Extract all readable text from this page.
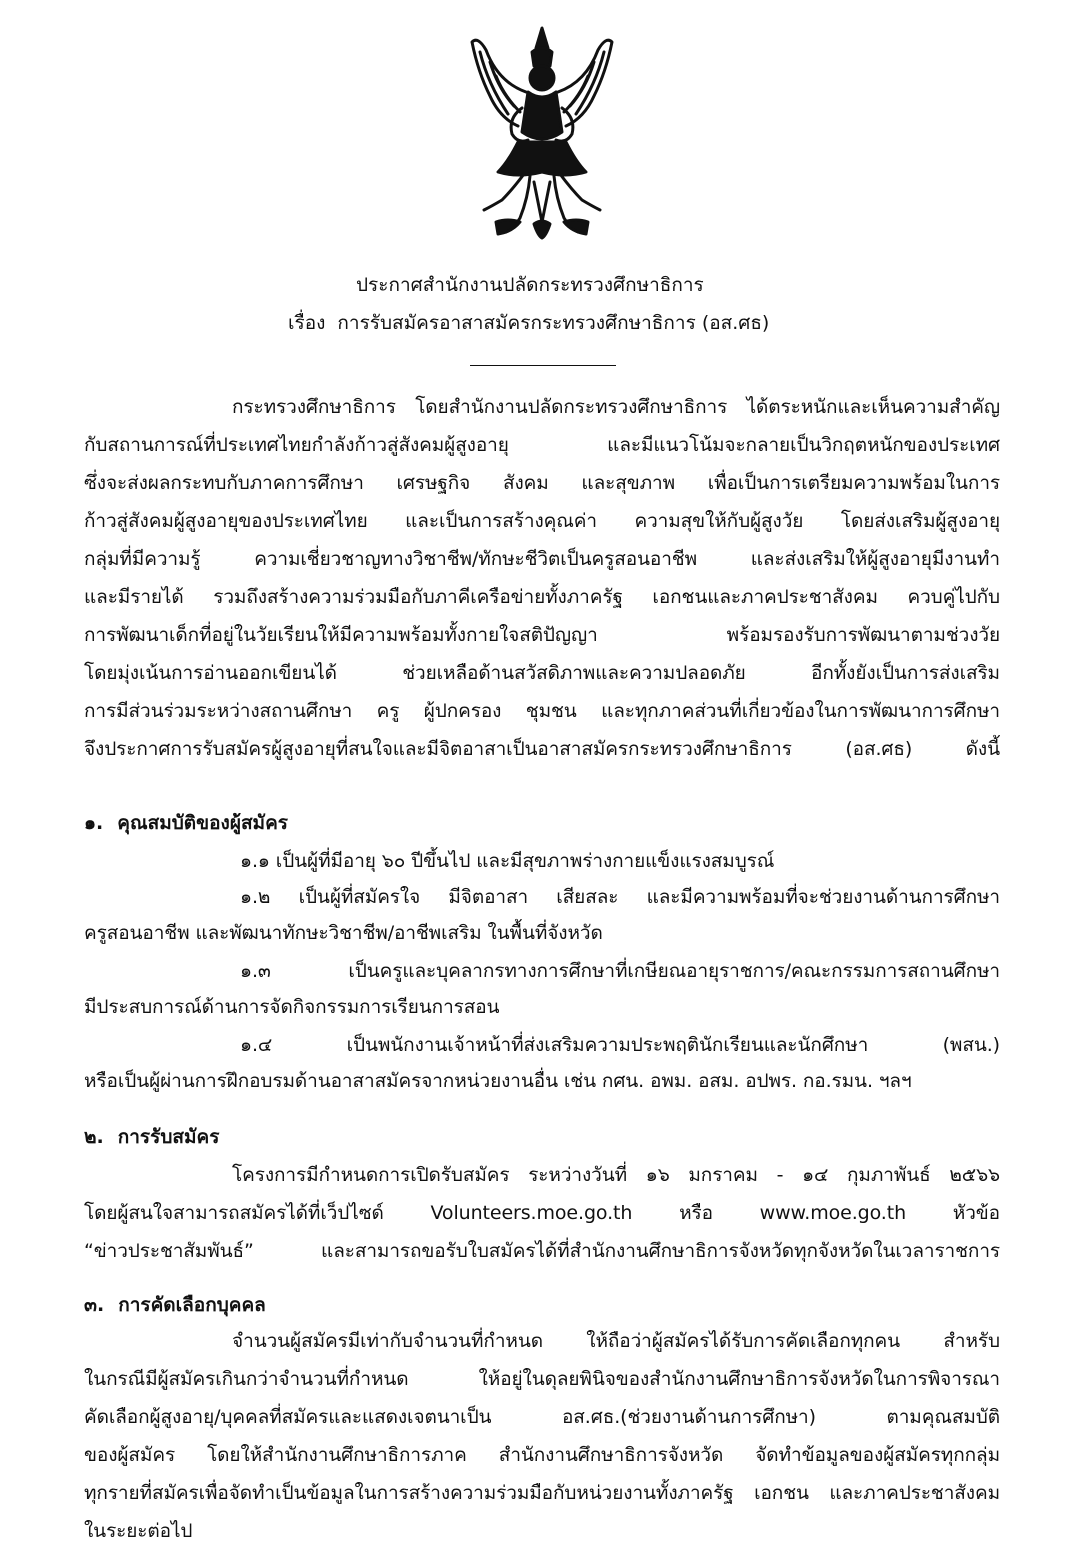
ประกาศสำนักงานปลัดกระทรวงศึกษาธิการ
เรื่อง การรับสมัครอาสาสมัครกระทรวงศึกษาธิการ (อส.ศธ)
กระทรวงศึกษาธิการ โดยสำนักงานปลัดกระทรวงศึกษาธิการ ได้ตระหนักและเห็นความสำคัญ
กับสถานการณ์ที่ประเทศไทยกำลังก้าวสู่สังคมผู้สูงอายุ และมีแนวโน้มจะกลายเป็นวิกฤตหนักของประเทศ
ซึ่งจะส่งผลกระทบกับภาคการศึกษา เศรษฐกิจ สังคม และสุขภาพ เพื่อเป็นการเตรียมความพร้อมในการ
ก้าวสู่สังคมผู้สูงอายุของประเทศไทย และเป็นการสร้างคุณค่า ความสุขให้กับผู้สูงวัย โดยส่งเสริมผู้สูงอายุ
กลุ่มที่มีความรู้ ความเชี่ยวชาญทางวิชาชีพ/ทักษะชีวิตเป็นครูสอนอาชีพ และส่งเสริมให้ผู้สูงอายุมีงานทำ
และมีรายได้ รวมถึงสร้างความร่วมมือกับภาคีเครือข่ายทั้งภาครัฐ เอกชนและภาคประชาสังคม ควบคู่ไปกับ
การพัฒนาเด็กที่อยู่ในวัยเรียนให้มีความพร้อมทั้งกายใจสติปัญญา พร้อมรองรับการพัฒนาตามช่วงวัย
โดยมุ่งเน้นการอ่านออกเขียนได้ ช่วยเหลือด้านสวัสดิภาพและความปลอดภัย อีกทั้งยังเป็นการส่งเสริม
การมีส่วนร่วมระหว่างสถานศึกษา ครู ผู้ปกครอง ชุมชน และทุกภาคส่วนที่เกี่ยวข้องในการพัฒนาการศึกษา
จึงประกาศการรับสมัครผู้สูงอายุที่สนใจและมีจิตอาสาเป็นอาสาสมัครกระทรวงศึกษาธิการ (อส.ศธ) ดังนี้
๑. คุณสมบัติของผู้สมัคร
๑.๑ เป็นผู้ที่มีอายุ ๖๐ ปีขึ้นไป และมีสุขภาพร่างกายแข็งแรงสมบูรณ์
๑.๒ เป็นผู้ที่สมัครใจ มีจิตอาสา เสียสละ และมีความพร้อมที่จะช่วยงานด้านการศึกษา
ครูสอนอาชีพ และพัฒนาทักษะวิชาชีพ/อาชีพเสริม ในพื้นที่จังหวัด
๑.๓ เป็นครูและบุคลากรทางการศึกษาที่เกษียณอายุราชการ/คณะกรรมการสถานศึกษา
มีประสบการณ์ด้านการจัดกิจกรรมการเรียนการสอน
๑.๔ เป็นพนักงานเจ้าหน้าที่ส่งเสริมความประพฤตินักเรียนและนักศึกษา (พสน.)
หรือเป็นผู้ผ่านการฝึกอบรมด้านอาสาสมัครจากหน่วยงานอื่น เช่น กศน. อพม. อสม. อปพร. กอ.รมน. ฯลฯ
๒. การรับสมัคร
โครงการมีกำหนดการเปิดรับสมัคร ระหว่างวันที่ ๑๖ มกราคม - ๑๔ กุมภาพันธ์ ๒๕๖๖
โดยผู้สนใจสามารถสมัครได้ที่เว็ปไซด์ Volunteers.moe.go.th หรือ www.moe.go.th หัวข้อ
“ข่าวประชาสัมพันธ์” และสามารถขอรับใบสมัครได้ที่สำนักงานศึกษาธิการจังหวัดทุกจังหวัดในเวลาราชการ
๓. การคัดเลือกบุคคล
จำนวนผู้สมัครมีเท่ากับจำนวนที่กำหนด ให้ถือว่าผู้สมัครได้รับการคัดเลือกทุกคน สำหรับ
ในกรณีมีผู้สมัครเกินกว่าจำนวนที่กำหนด ให้อยู่ในดุลยพินิจของสำนักงานศึกษาธิการจังหวัดในการพิจารณา
คัดเลือกผู้สูงอายุ/บุคคลที่สมัครและแสดงเจตนาเป็น อส.ศธ.(ช่วยงานด้านการศึกษา) ตามคุณสมบัติ
ของผู้สมัคร โดยให้สำนักงานศึกษาธิการภาค สำนักงานศึกษาธิการจังหวัด จัดทำข้อมูลของผู้สมัครทุกกลุ่ม
ทุกรายที่สมัครเพื่อจัดทำเป็นข้อมูลในการสร้างความร่วมมือกับหน่วยงานทั้งภาครัฐ เอกชน และภาคประชาสังคม
ในระยะต่อไป
